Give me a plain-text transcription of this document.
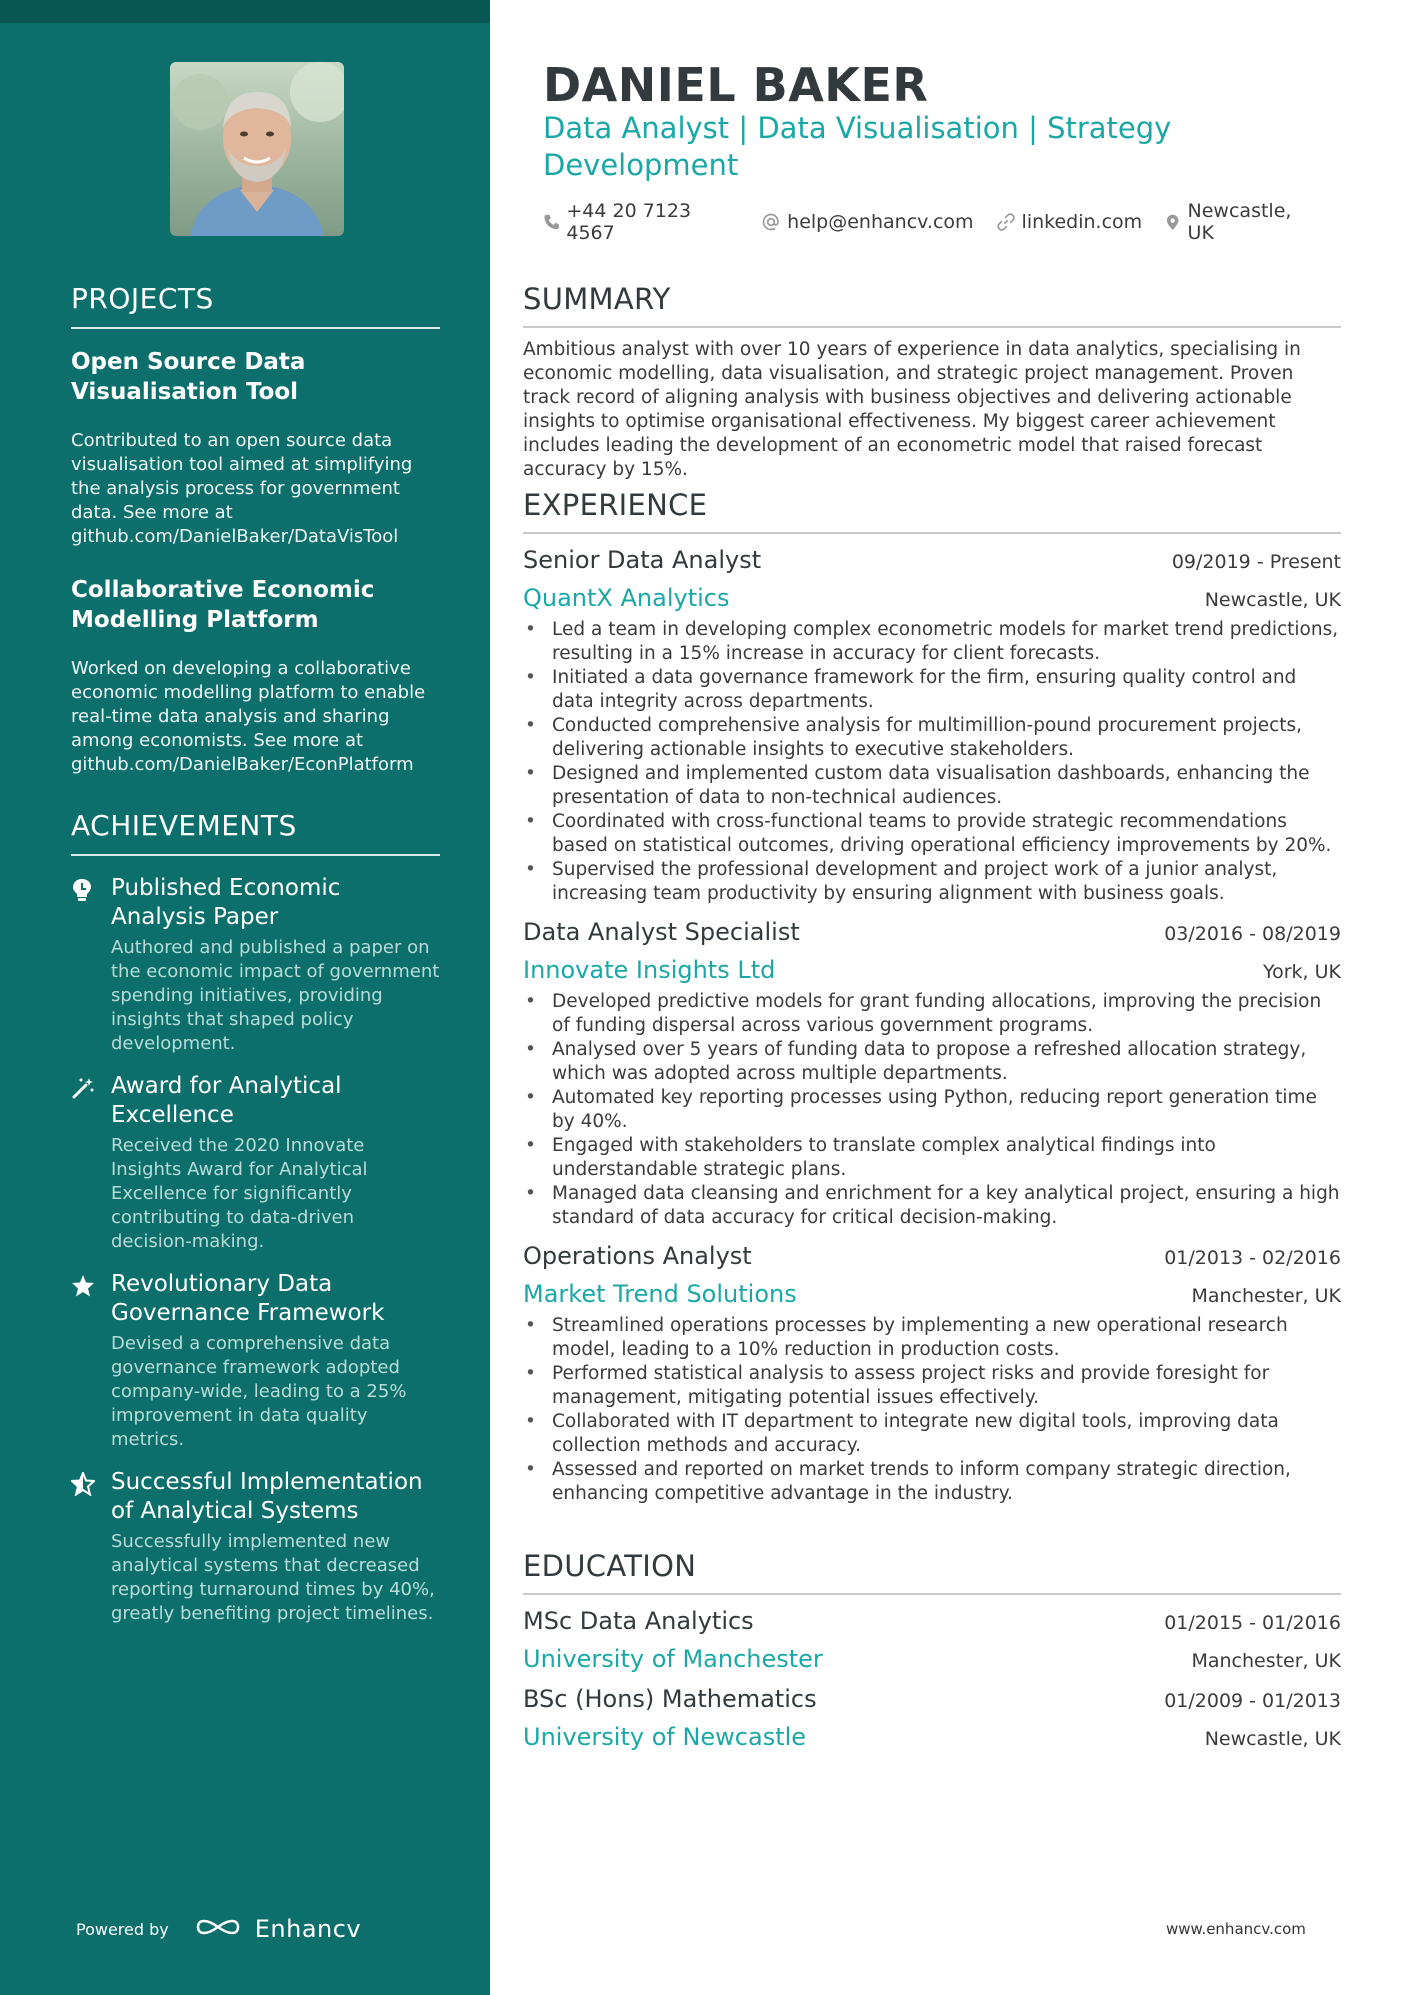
PROJECTS
Open Source Data Visualisation Tool
Contributed to an open source data visualisation tool aimed at simplifying the analysis process for government data. See more at github.com/DanielBaker/DataVisTool
Collaborative Economic Modelling Platform
Worked on developing a collaborative economic modelling platform to enable real-time data analysis and sharing among economists. See more at github.com/DanielBaker/EconPlatform
ACHIEVEMENTS
Published Economic Analysis Paper
Authored and published a paper on the economic impact of government spending initiatives, providing insights that shaped policy development.
Award for Analytical Excellence
Received the 2020 Innovate Insights Award for Analytical Excellence for significantly contributing to data-driven decision-making.
Revolutionary Data Governance Framework
Devised a comprehensive data governance framework adopted company-wide, leading to a 25% improvement in data quality metrics.
Successful Implementation of Analytical Systems
Successfully implemented new analytical systems that decreased reporting turnaround times by 40%, greatly benefiting project timelines.
Powered by	Enhancv
DANIEL BAKER
Data Analyst | Data Visualisation | Strategy Development
+44 20 7123 4567	help@enhancv.com	linkedin.com Newcastle, UK
SUMMARY
Ambitious analyst with over 10 years of experience in data analytics, specialising in economic modelling, data visualisation, and strategic project management. Proven track record of aligning analysis with business objectives and delivering actionable insights to optimise organisational effectiveness. My biggest career achievement includes leading the development of an econometric model that raised forecast accuracy by 15%.
EXPERIENCE
Senior Data Analyst	09/2019 - Present
QuantX Analytics	Newcastle, UK
• Led a team in developing complex econometric models for market trend predictions, resulting in a 15% increase in accuracy for client forecasts.
• Initiated a data governance framework for the firm, ensuring quality control and data integrity across departments.
• Conducted comprehensive analysis for multimillion-pound procurement projects, delivering actionable insights to executive stakeholders.
• Designed and implemented custom data visualisation dashboards, enhancing the presentation of data to non-technical audiences.
• Coordinated with cross-functional teams to provide strategic recommendations based on statistical outcomes, driving operational efficiency improvements by 20%.
• Supervised the professional development and project work of a junior analyst, increasing team productivity by ensuring alignment with business goals.
Data Analyst Specialist	03/2016 - 08/2019
Innovate Insights Ltd	York, UK
• Developed predictive models for grant funding allocations, improving the precision of funding dispersal across various government programs.
• Analysed over 5 years of funding data to propose a refreshed allocation strategy, which was adopted across multiple departments.
• Automated key reporting processes using Python, reducing report generation time by 40%.
• Engaged with stakeholders to translate complex analytical findings into understandable strategic plans.
• Managed data cleansing and enrichment for a key analytical project, ensuring a high standard of data accuracy for critical decision-making.
Operations Analyst	01/2013 - 02/2016
Market Trend Solutions	Manchester, UK
• Streamlined operations processes by implementing a new operational research model, leading to a 10% reduction in production costs.
• Performed statistical analysis to assess project risks and provide foresight for management, mitigating potential issues effectively.
• Collaborated with IT department to integrate new digital tools, improving data collection methods and accuracy.
• Assessed and reported on market trends to inform company strategic direction, enhancing competitive advantage in the industry.
EDUCATION
MSc Data Analytics	01/2015 - 01/2016
University of Manchester	Manchester, UK
BSc (Hons) Mathematics	01/2009 - 01/2013
University of Newcastle	Newcastle, UK
www.enhancv.com
